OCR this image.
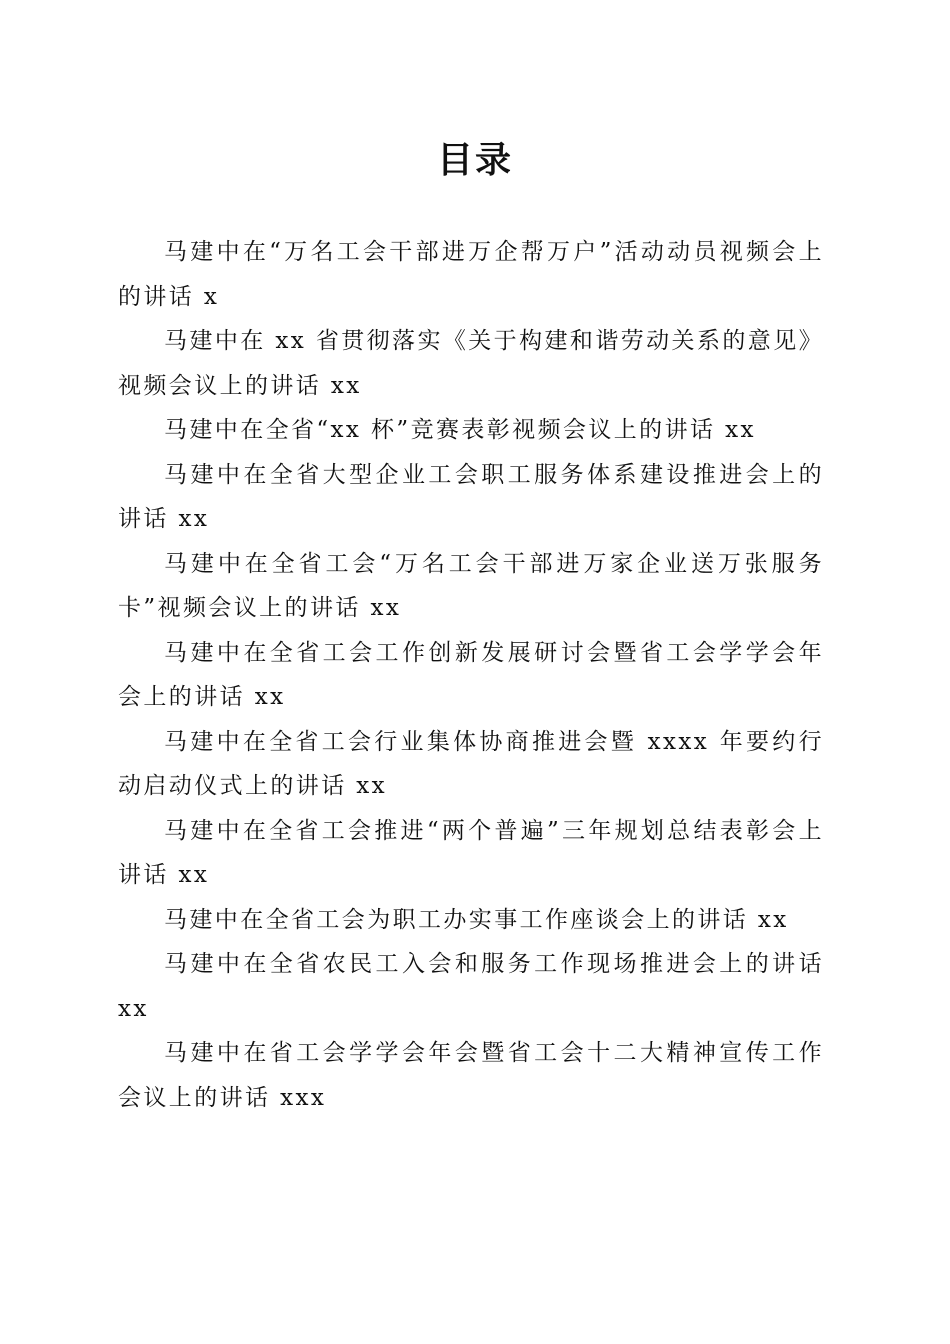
目录
马建中在“万名工会干部进万企帮万户”活动动员视频会上的讲话 x
马建中在 xx 省贯彻落实《关于构建和谐劳动关系的意见》视频会议上的讲话 xx
马建中在全省“xx 杯”竞赛表彰视频会议上的讲话 xx
马建中在全省大型企业工会职工服务体系建设推进会上的讲话 xx
马建中在全省工会“万名工会干部进万家企业送万张服务卡”视频会议上的讲话 xx
马建中在全省工会工作创新发展研讨会暨省工会学学会年会上的讲话 xx
马建中在全省工会行业集体协商推进会暨 xxxx 年要约行动启动仪式上的讲话 xx
马建中在全省工会推进“两个普遍”三年规划总结表彰会上讲话 xx
马建中在全省工会为职工办实事工作座谈会上的讲话 xx
马建中在全省农民工入会和服务工作现场推进会上的讲话 xx
马建中在省工会学学会年会暨省工会十二大精神宣传工作会议上的讲话 xxx
